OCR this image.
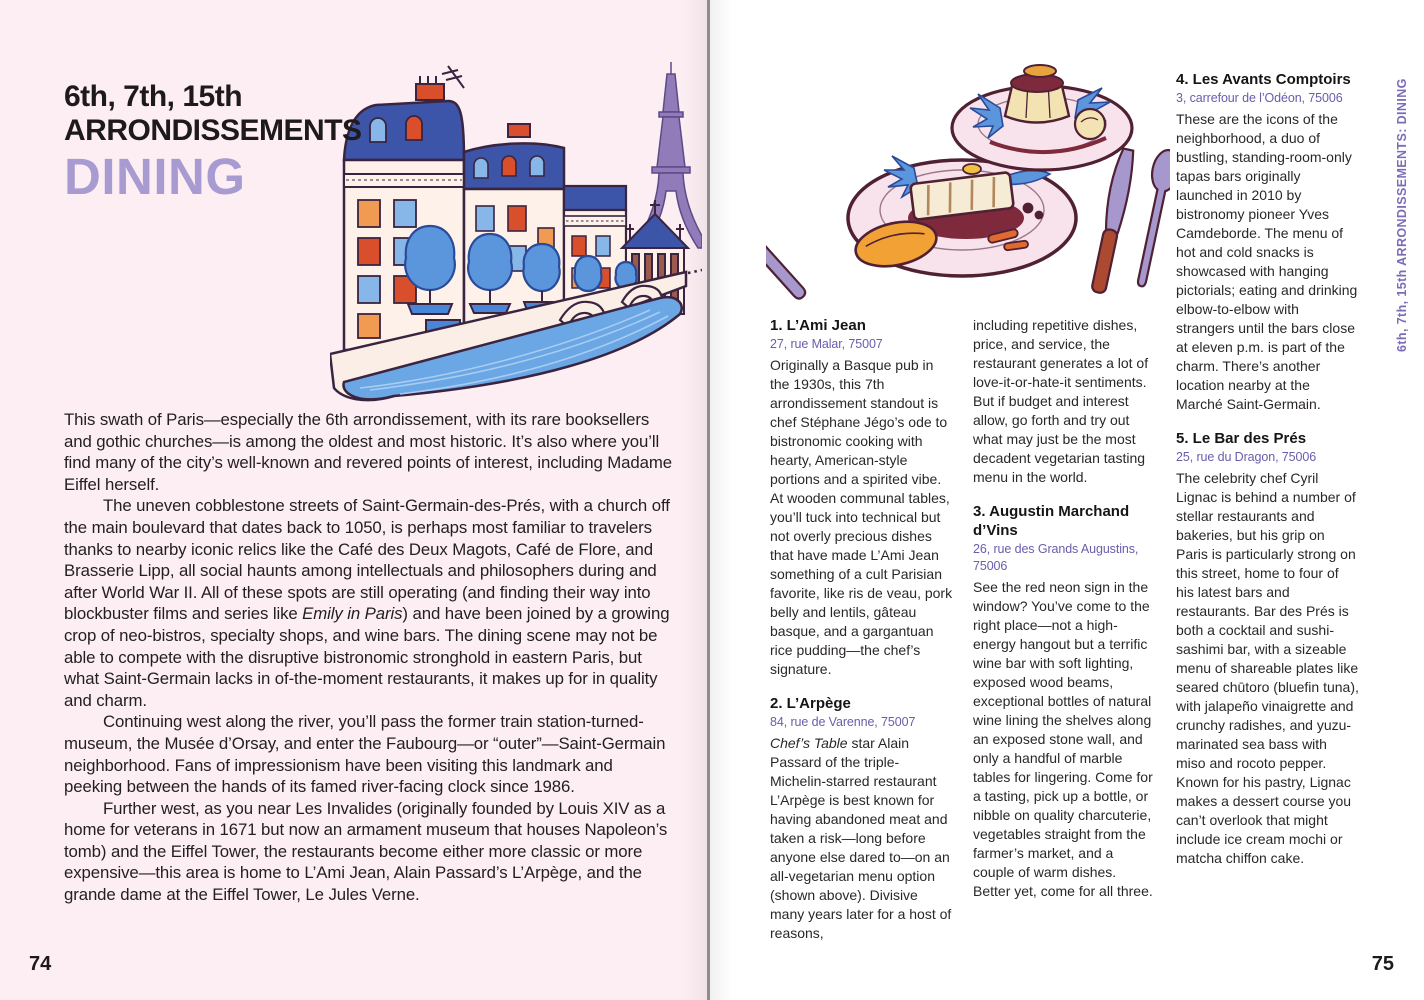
6th, 7th, 15th
ARRONDISSEMENTS
DINING

This swath of Paris—especially the 6th arrondissement, with its rare booksellers and gothic churches—is among the oldest and most historic. It’s also where you’ll find many of the city’s well-known and revered points of interest, including Madame Eiffel herself.

The uneven cobblestone streets of Saint-Germain-des-Prés, with a church off the main boulevard that dates back to 1050, is perhaps most familiar to travelers thanks to nearby iconic relics like the Café des Deux Magots, Café de Flore, and Brasserie Lipp, all social haunts among intellectuals and philosophers during and after World War II. All of these spots are still operating (and finding their way into blockbuster films and series like Emily in Paris) and have been joined by a growing crop of neo-bistros, specialty shops, and wine bars. The dining scene may not be able to compete with the disruptive bistronomic stronghold in eastern Paris, but what Saint-Germain lacks in of-the-moment restaurants, it makes up for in quality and charm.

Continuing west along the river, you’ll pass the former train station-turned-museum, the Musée d’Orsay, and enter the Faubourg—or “outer”—Saint-Germain neighborhood. Fans of impressionism have been visiting this landmark and peeking between the hands of its famed river-facing clock since 1986.

Further west, as you near Les Invalides (originally founded by Louis XIV as a home for veterans in 1671 but now an armament museum that houses Napoleon’s tomb) and the Eiffel Tower, the restaurants become either more classic or more expensive—this area is home to L’Ami Jean, Alain Passard’s L’Arpège, and the grande dame at the Eiffel Tower, Le Jules Verne.

74

1. L’Ami Jean

27, rue Malar, 75007

Originally a Basque pub in the 1930s, this 7th arrondissement standout is chef Stéphane Jégo’s ode to bistronomic cooking with hearty, American-style portions and a spirited vibe. At wooden communal tables, you’ll tuck into technical but not overly precious dishes that have made L’Ami Jean something of a cult Parisian favorite, like ris de veau, pork belly and lentils, gâteau basque, and a gargantuan rice pudding—the chef’s signature.

2. L’Arpège

84, rue de Varenne, 75007

Chef’s Table star Alain Passard of the triple-Michelin-starred restaurant L’Arpège is best known for having abandoned meat and taken a risk—long before anyone else dared to—on an all-vegetarian menu option (shown above). Divisive many years later for a host of reasons,

including repetitive dishes, price, and service, the restaurant generates a lot of love-it-or-hate-it sentiments. But if budget and interest allow, go forth and try out what may just be the most decadent vegetarian tasting menu in the world.

3. Augustin Marchand d’Vins

26, rue des Grands Augustins, 75006

See the red neon sign in the window? You’ve come to the right place—not a high-energy hangout but a terrific wine bar with soft lighting, exposed wood beams, exceptional bottles of natural wine lining the shelves along an exposed stone wall, and only a handful of marble tables for lingering. Come for a tasting, pick up a bottle, or nibble on quality charcuterie, vegetables straight from the farmer’s market, and a couple of warm dishes. Better yet, come for all three.

4. Les Avants Comptoirs

3, carrefour de l’Odéon, 75006

These are the icons of the neighborhood, a duo of bustling, standing-room-only tapas bars originally launched in 2010 by bistronomy pioneer Yves Camdeborde. The menu of hot and cold snacks is showcased with hanging pictorials; eating and drinking elbow-to-elbow with strangers until the bars close at eleven p.m. is part of the charm. There’s another location nearby at the Marché Saint-Germain.

5. Le Bar des Prés

25, rue du Dragon, 75006

The celebrity chef Cyril Lignac is behind a number of stellar restaurants and bakeries, but his grip on Paris is particularly strong on this street, home to four of his latest bars and restaurants. Bar des Prés is both a cocktail and sushi-sashimi bar, with a sizeable menu of shareable plates like seared chūtoro (bluefin tuna), with jalapeño vinaigrette and crunchy radishes, and yuzu-marinated sea bass with miso and rocoto pepper. Known for his pastry, Lignac makes a dessert course you can’t overlook that might include ice cream mochi or matcha chiffon cake.

6th, 7th, 15th ARRONDISSEMENTS: DINING
75
